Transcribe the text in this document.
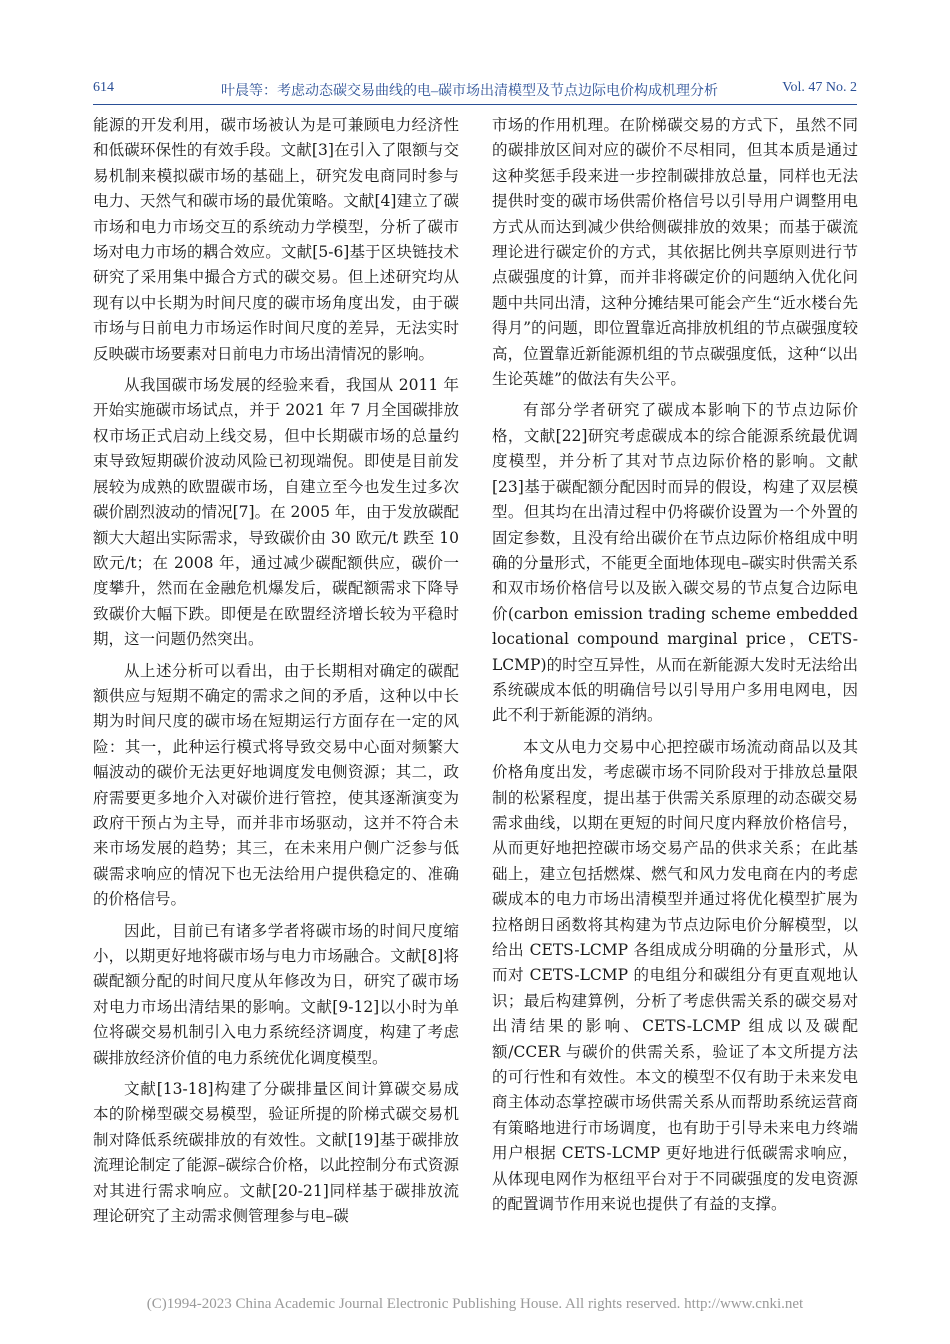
614	叶晨等：考虑动态碳交易曲线的电–碳市场出清模型及节点边际电价构成机理分析	Vol. 47 No. 2

能源的开发利用，碳市场被认为是可兼顾电力经济性和低碳环保性的有效手段。文献[3]在引入了限额与交易机制来模拟碳市场的基础上，研究发电商同时参与电力、天然气和碳市场的最优策略。文献[4]建立了碳市场和电力市场交互的系统动力学模型，分析了碳市场对电力市场的耦合效应。文献[5-6]基于区块链技术研究了采用集中撮合方式的碳交易。但上述研究均从现有以中长期为时间尺度的碳市场角度出发，由于碳市场与日前电力市场运作时间尺度的差异，无法实时反映碳市场要素对日前电力市场出清情况的影响。

从我国碳市场发展的经验来看，我国从 2011 年开始实施碳市场试点，并于 2021 年 7 月全国碳排放权市场正式启动上线交易，但中长期碳市场的总量约束导致短期碳价波动风险已初现端倪。即使是目前发展较为成熟的欧盟碳市场，自建立至今也发生过多次碳价剧烈波动的情况[7]。在 2005 年，由于发放碳配额大大超出实际需求，导致碳价由 30 欧元/t 跌至 10 欧元/t；在 2008 年，通过减少碳配额供应，碳价一度攀升，然而在金融危机爆发后，碳配额需求下降导致碳价大幅下跌。即便是在欧盟经济增长较为平稳时期，这一问题仍然突出。

从上述分析可以看出，由于长期相对确定的碳配额供应与短期不确定的需求之间的矛盾，这种以中长期为时间尺度的碳市场在短期运行方面存在一定的风险：其一，此种运行模式将导致交易中心面对频繁大幅波动的碳价无法更好地调度发电侧资源；其二，政府需要更多地介入对碳价进行管控，使其逐渐演变为政府干预占为主导，而并非市场驱动，这并不符合未来市场发展的趋势；其三，在未来用户侧广泛参与低碳需求响应的情况下也无法给用户提供稳定的、准确的价格信号。

因此，目前已有诸多学者将碳市场的时间尺度缩小，以期更好地将碳市场与电力市场融合。文献[8]将碳配额分配的时间尺度从年修改为日，研究了碳市场对电力市场出清结果的影响。文献[9-12]以小时为单位将碳交易机制引入电力系统经济调度，构建了考虑碳排放经济价值的电力系统优化调度模型。

文献[13-18]构建了分碳排量区间计算碳交易成本的阶梯型碳交易模型，验证所提的阶梯式碳交易机制对降低系统碳排放的有效性。文献[19]基于碳排放流理论制定了能源–碳综合价格，以此控制分布式资源对其进行需求响应。文献[20-21]同样基于碳排放流理论研究了主动需求侧管理参与电–碳

市场的作用机理。在阶梯碳交易的方式下，虽然不同的碳排放区间对应的碳价不尽相同，但其本质是通过这种奖惩手段来进一步控制碳排放总量，同样也无法提供时变的碳市场供需价格信号以引导用户调整用电方式从而达到减少供给侧碳排放的效果；而基于碳流理论进行碳定价的方式，其依据比例共享原则进行节点碳强度的计算，而并非将碳定价的问题纳入优化问题中共同出清，这种分摊结果可能会产生“近水楼台先得月”的问题，即位置靠近高排放机组的节点碳强度较高，位置靠近新能源机组的节点碳强度低，这种“以出生论英雄”的做法有失公平。

有部分学者研究了碳成本影响下的节点边际价格，文献[22]研究考虑碳成本的综合能源系统最优调度模型，并分析了其对节点边际价格的影响。文献[23]基于碳配额分配因时而异的假设，构建了双层模型。但其均在出清过程中仍将碳价设置为一个外置的固定参数，且没有给出碳价在节点边际价格组成中明确的分量形式，不能更全面地体现电–碳实时供需关系和双市场价格信号以及嵌入碳交易的节点复合边际电价(carbon emission trading scheme embedded locational compound marginal price，CETS-LCMP)的时空互异性，从而在新能源大发时无法给出系统碳成本低的明确信号以引导用户多用电网电，因此不利于新能源的消纳。

本文从电力交易中心把控碳市场流动商品以及其价格角度出发，考虑碳市场不同阶段对于排放总量限制的松紧程度，提出基于供需关系原理的动态碳交易需求曲线，以期在更短的时间尺度内释放价格信号，从而更好地把控碳市场交易产品的供求关系；在此基础上，建立包括燃煤、燃气和风力发电商在内的考虑碳成本的电力市场出清模型并通过将优化模型扩展为拉格朗日函数将其构建为节点边际电价分解模型，以给出 CETS-LCMP 各组成成分明确的分量形式，从而对 CETS-LCMP 的电组分和碳组分有更直观地认识；最后构建算例，分析了考虑供需关系的碳交易对出清结果的影响、CETS-LCMP 组成以及碳配额/CCER 与碳价的供需关系，验证了本文所提方法的可行性和有效性。本文的模型不仅有助于未来发电商主体动态掌控碳市场供需关系从而帮助系统运营商有策略地进行市场调度，也有助于引导未来电力终端用户根据 CETS-LCMP 更好地进行低碳需求响应，从体现电网作为枢纽平台对于不同碳强度的发电资源的配置调节作用来说也提供了有益的支撑。

(C)1994-2023 China Academic Journal Electronic Publishing House. All rights reserved. http://www.cnki.net
